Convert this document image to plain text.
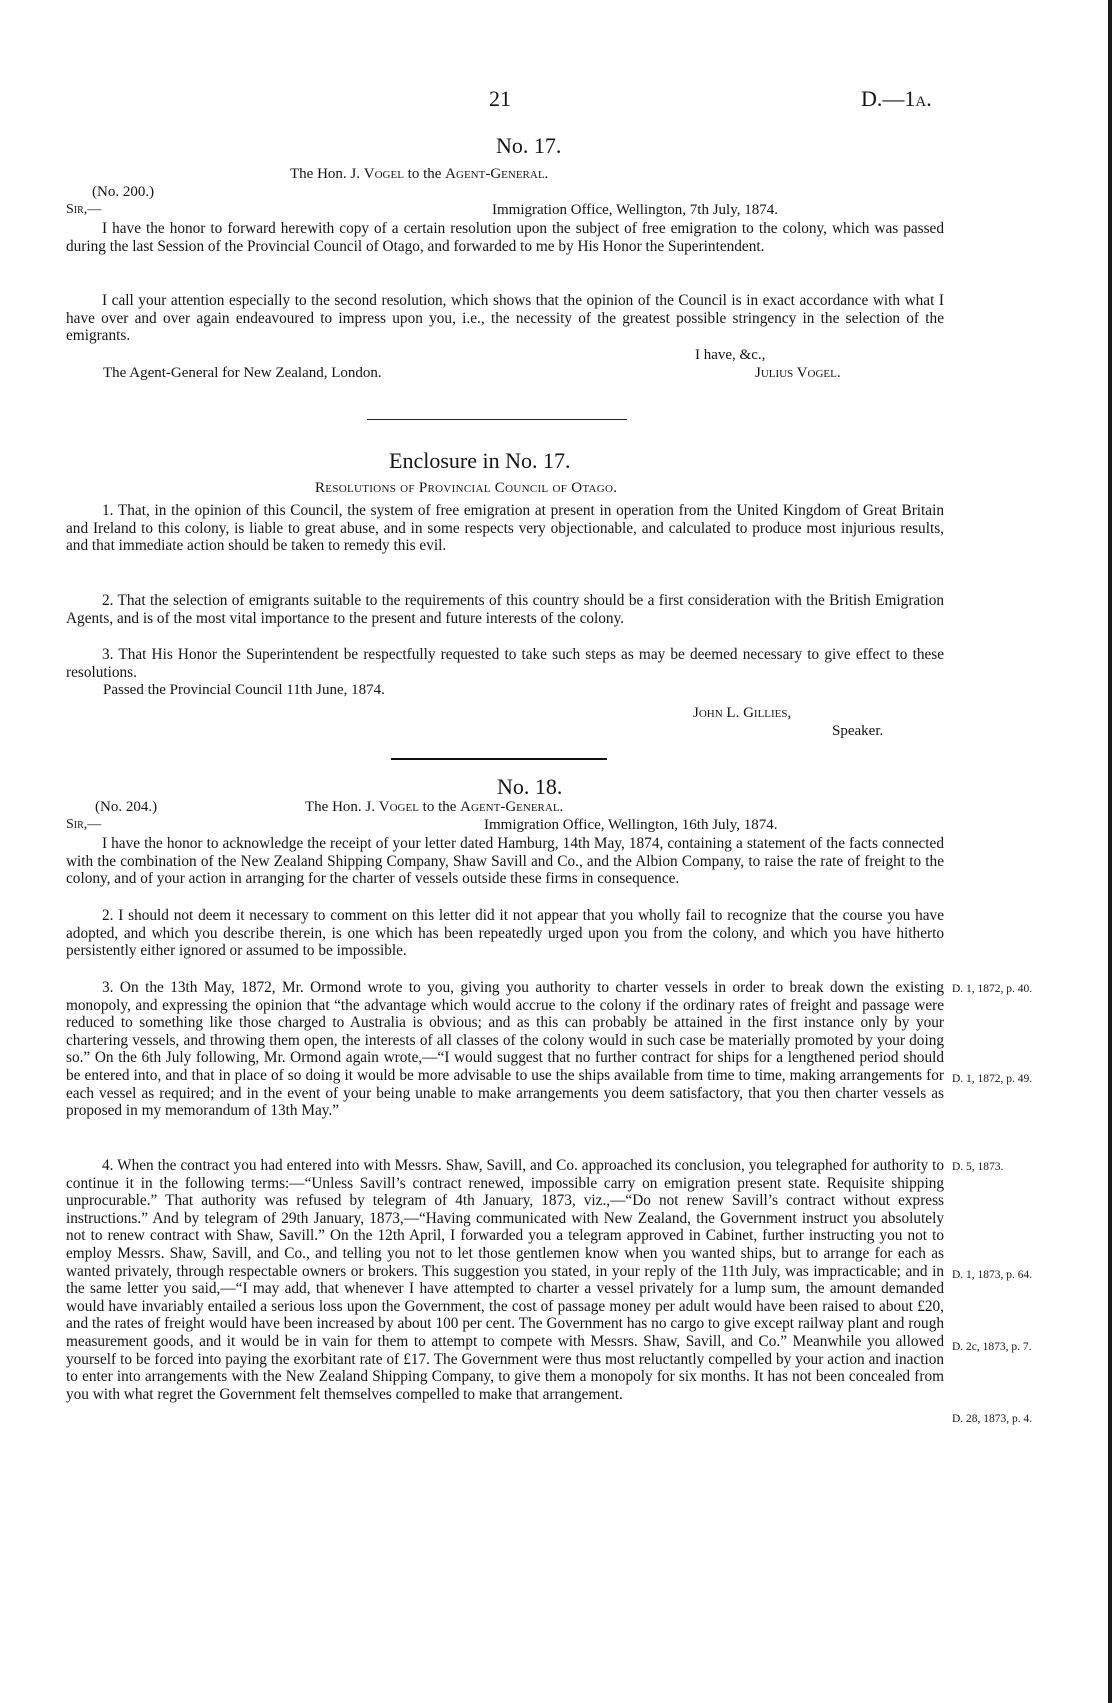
21	D.—1a.
No. 17.
The Hon. J. Vogel to the Agent-General.
(No. 200.)
Sir,—	Immigration Office, Wellington, 7th July, 1874.
I have the honor to forward herewith copy of a certain resolution upon the subject of free emigration to the colony, which was passed during the last Session of the Provincial Council of Otago, and forwarded to me by His Honor the Superintendent.
I call your attention especially to the second resolution, which shows that the opinion of the Council is in exact accordance with what I have over and over again endeavoured to impress upon you, i.e., the necessity of the greatest possible stringency in the selection of the emigrants.
I have, &c.,
The Agent-General for New Zealand, London.	Julius Vogel.
Enclosure in No. 17.
Resolutions of Provincial Council of Otago.
1. That, in the opinion of this Council, the system of free emigration at present in operation from the United Kingdom of Great Britain and Ireland to this colony, is liable to great abuse, and in some respects very objectionable, and calculated to produce most injurious results, and that immediate action should be taken to remedy this evil.
2. That the selection of emigrants suitable to the requirements of this country should be a first consideration with the British Emigration Agents, and is of the most vital importance to the present and future interests of the colony.
3. That His Honor the Superintendent be respectfully requested to take such steps as may be deemed necessary to give effect to these resolutions.
Passed the Provincial Council 11th June, 1874.
John L. Gillies,
Speaker.
No. 18.
(No. 204.)	The Hon. J. Vogel to the Agent-General.
Sir,—	Immigration Office, Wellington, 16th July, 1874.
I have the honor to acknowledge the receipt of your letter dated Hamburg, 14th May, 1874, containing a statement of the facts connected with the combination of the New Zealand Shipping Company, Shaw Savill and Co., and the Albion Company, to raise the rate of freight to the colony, and of your action in arranging for the charter of vessels outside these firms in consequence.
2. I should not deem it necessary to comment on this letter did it not appear that you wholly fail to recognize that the course you have adopted, and which you describe therein, is one which has been repeatedly urged upon you from the colony, and which you have hitherto persistently either ignored or assumed to be impossible.
3. On the 13th May, 1872, Mr. Ormond wrote to you, giving you authority to charter vessels in order to break down the existing monopoly, and expressing the opinion that “the advantage which would accrue to the colony if the ordinary rates of freight and passage were reduced to something like those charged to Australia is obvious; and as this can probably be attained in the first instance only by your chartering vessels, and throwing them open, the interests of all classes of the colony would in such case be materially promoted by your doing so.” On the 6th July following, Mr. Ormond again wrote,—“I would suggest that no further contract for ships for a lengthened period should be entered into, and that in place of so doing it would be more advisable to use the ships available from time to time, making arrangements for each vessel as required; and in the event of your being unable to make arrangements you deem satisfactory, that you then charter vessels as proposed in my memorandum of 13th May.”
4. When the contract you had entered into with Messrs. Shaw, Savill, and Co. approached its conclusion, you telegraphed for authority to continue it in the following terms:—“Unless Savill’s contract renewed, impossible carry on emigration present state. Requisite shipping unprocurable.” That authority was refused by telegram of 4th January, 1873, viz.,—“Do not renew Savill’s contract without express instructions.” And by telegram of 29th January, 1873,—“Having communicated with New Zealand, the Government instruct you absolutely not to renew contract with Shaw, Savill.” On the 12th April, I forwarded you a telegram approved in Cabinet, further instructing you not to employ Messrs. Shaw, Savill, and Co., and telling you not to let those gentlemen know when you wanted ships, but to arrange for each as wanted privately, through respectable owners or brokers. This suggestion you stated, in your reply of the 11th July, was impracticable; and in the same letter you said,—“I may add, that whenever I have attempted to charter a vessel privately for a lump sum, the amount demanded would have invariably entailed a serious loss upon the Government, the cost of passage money per adult would have been raised to about £20, and the rates of freight would have been increased by about 100 per cent. The Government has no cargo to give except railway plant and rough measurement goods, and it would be in vain for them to attempt to compete with Messrs. Shaw, Savill, and Co.” Meanwhile you allowed yourself to be forced into paying the exorbitant rate of £17. The Government were thus most reluctantly compelled by your action and inaction to enter into arrangements with the New Zealand Shipping Company, to give them a monopoly for six months. It has not been concealed from you with what regret the Government felt themselves compelled to make that arrangement.
D. 1, 1872, p. 40.
D. 1, 1872, p. 49.
D. 5, 1873.
D. 1, 1873, p. 64.
D. 2c, 1873, p. 7.
D. 28, 1873, p. 4.
